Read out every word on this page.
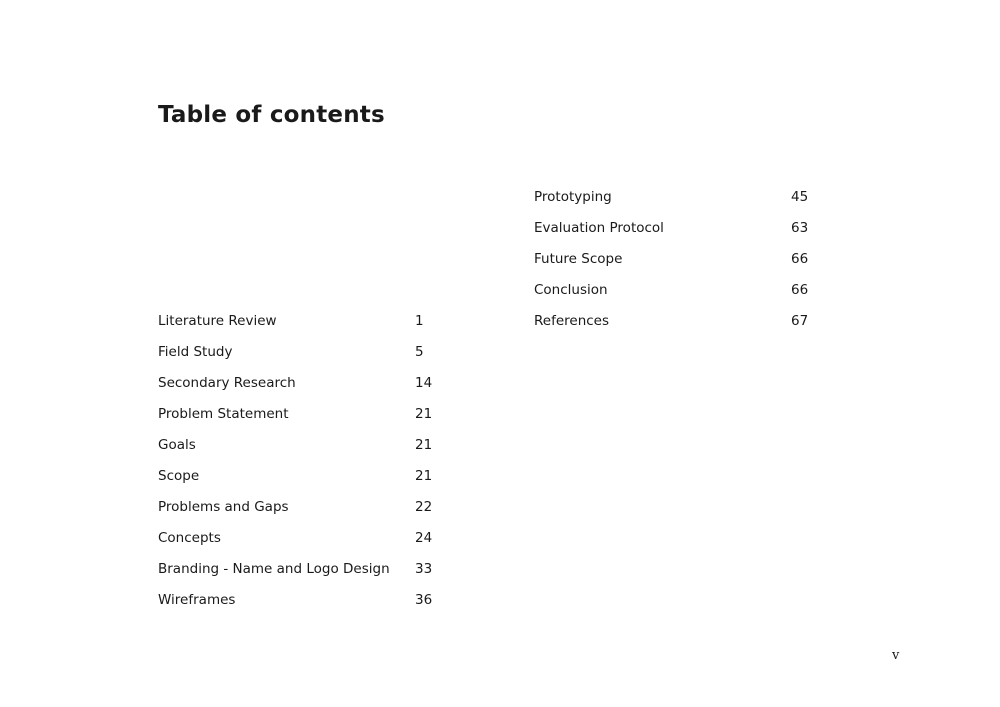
Table of contents
Literature Review	1
Field Study	5
Secondary Research	14
Problem Statement	21
Goals	21
Scope	21
Problems and Gaps	22
Concepts	24
Branding - Name and Logo Design 33
Wireframes	36
Prototyping	45
Evaluation Protocol	63
Future Scope	66
Conclusion	66
References	67
v
